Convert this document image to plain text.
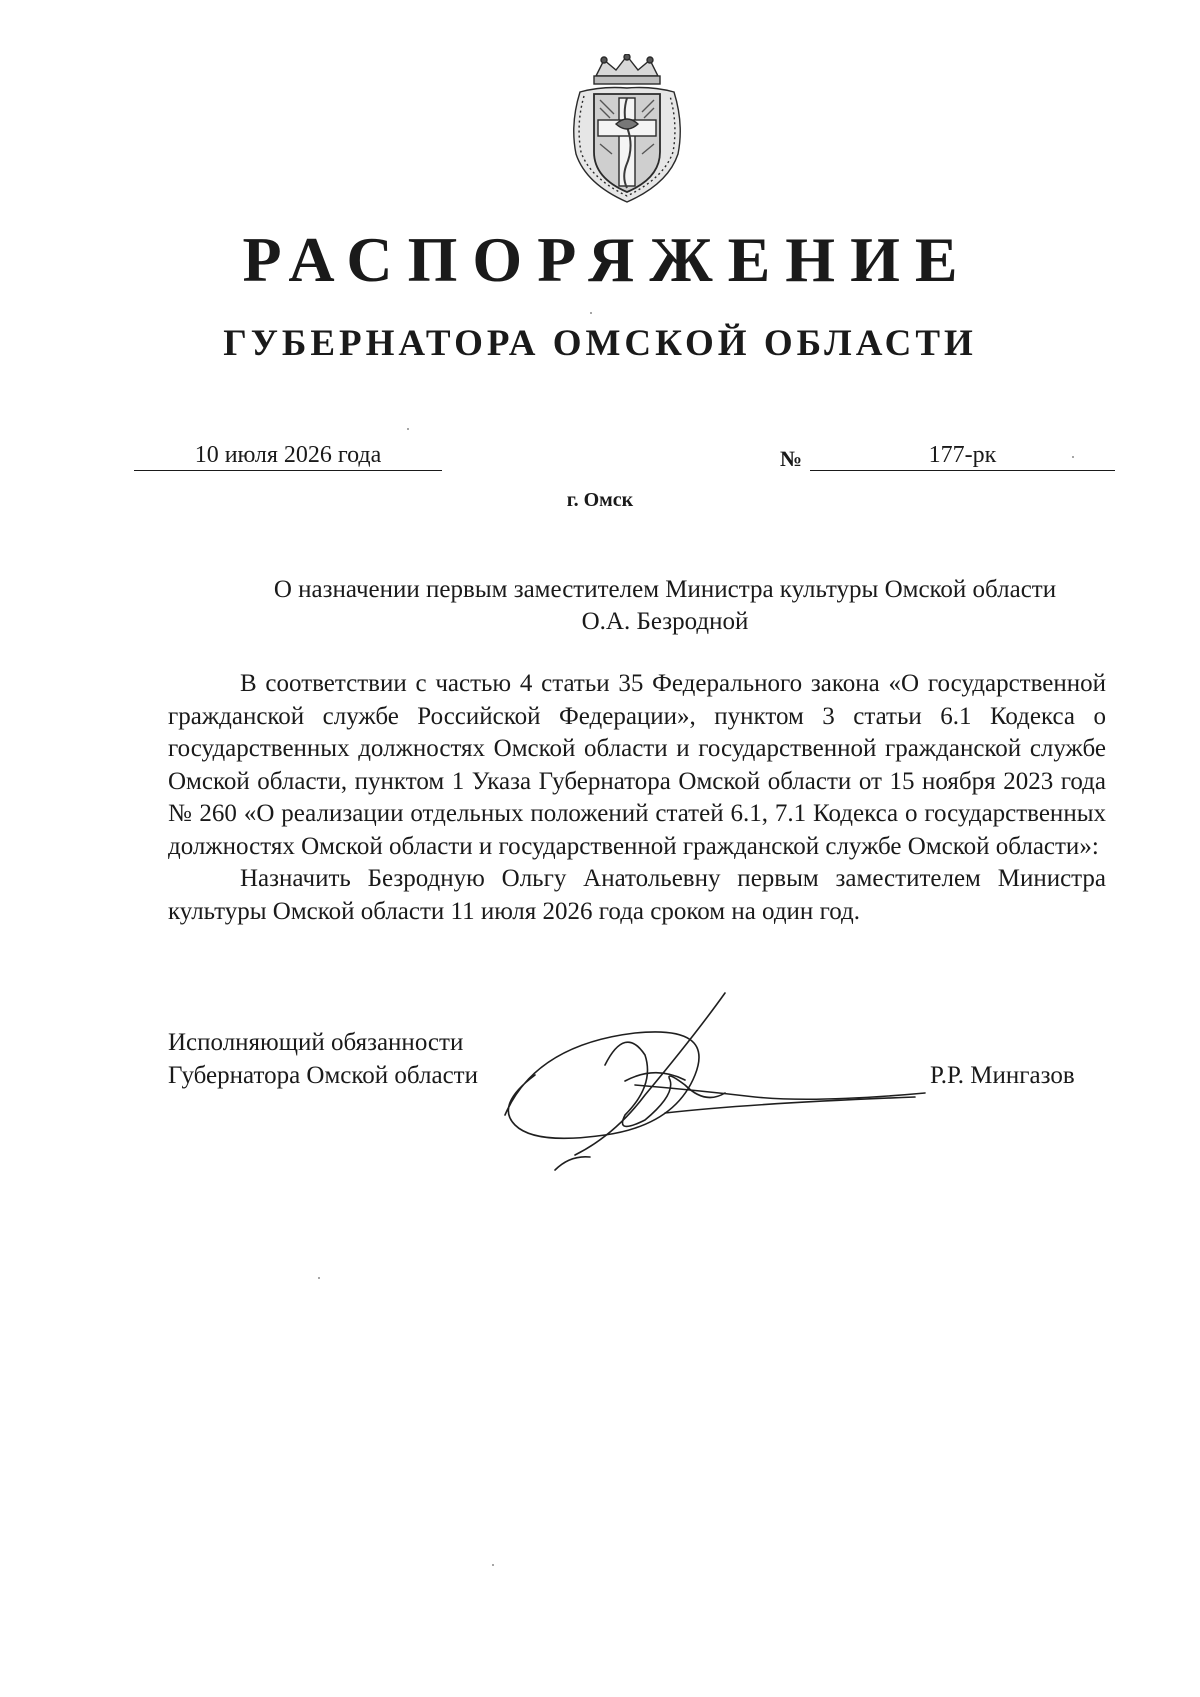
РАСПОРЯЖЕНИЕ
ГУБЕРНАТОРА ОМСКОЙ ОБЛАСТИ
10 июля 2026 года	№	177-рк
г. Омск
О назначении первым заместителем Министра культуры Омской области О.А. Безродной

В соответствии с частью 4 статьи 35 Федерального закона «О государственной гражданской службе Российской Федерации», пунктом 3 статьи 6.1 Кодекса о государственных должностях Омской области и государственной гражданской службе Омской области, пунктом 1 Указа Губернатора Омской области от 15 ноября 2023 года № 260 «О реализации отдельных положений статей 6.1, 7.1 Кодекса о государственных должностях Омской области и государственной гражданской службе Омской области»:

Назначить Безродную Ольгу Анатольевну первым заместителем Министра культуры Омской области 11 июля 2026 года сроком на один год.

Исполняющий обязанности
Губернатора Омской области	Р.Р. Мингазов
